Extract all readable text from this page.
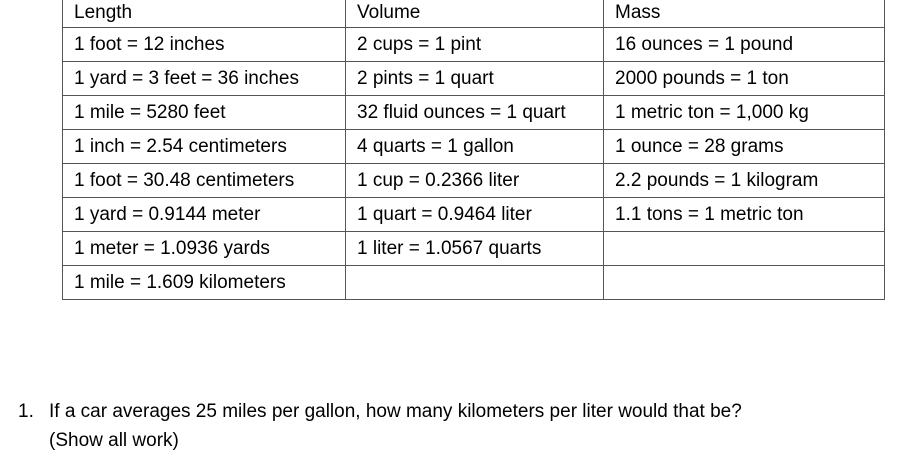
Length	Volume	Mass
1 foot = 12 inches	2 cups = 1 pint	16 ounces = 1 pound
1 yard = 3 feet = 36 inches	2 pints = 1 quart	2000 pounds = 1 ton
1 mile = 5280 feet	32 fluid ounces = 1 quart	1 metric ton = 1,000 kg
1 inch = 2.54 centimeters	4 quarts = 1 gallon	1 ounce = 28 grams
1 foot = 30.48 centimeters	1 cup = 0.2366 liter	2.2 pounds = 1 kilogram
1 yard = 0.9144 meter	1 quart = 0.9464 liter	1.1 tons = 1 metric ton
1 meter = 1.0936 yards	1 liter = 1.0567 quarts	
1 mile = 1.609 kilometers		
1. If a car averages 25 miles per gallon, how many kilometers per liter would that be?
(Show all work)
